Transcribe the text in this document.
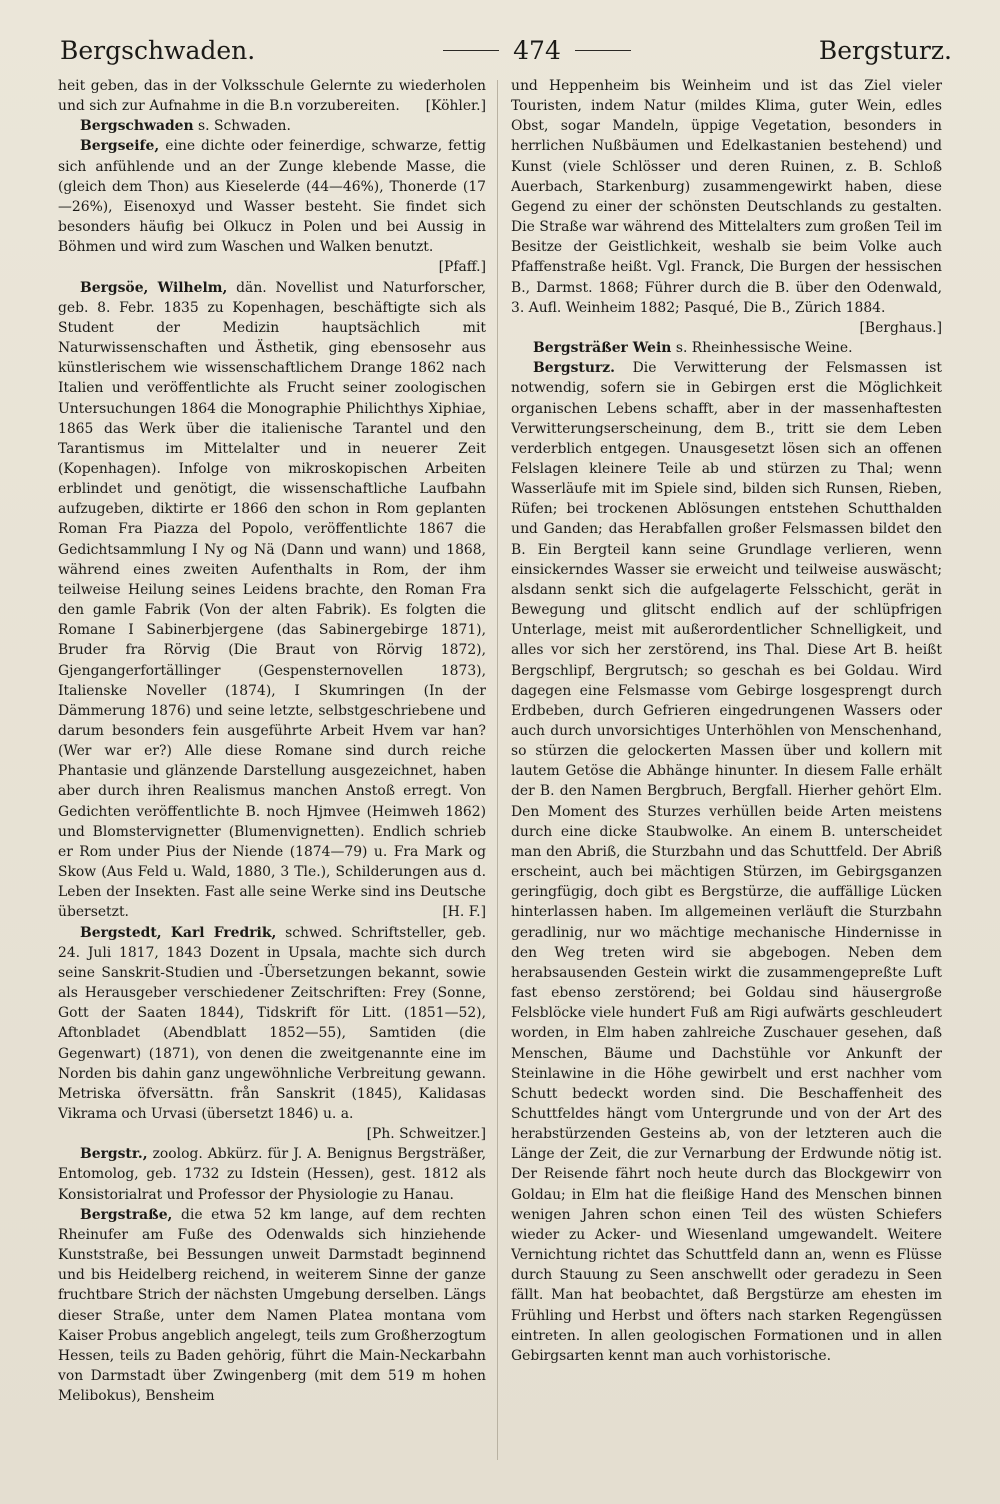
Bergschwaden.	474	Bergsturz.

heit geben, das in der Volksschule Gelernte zu wiederholen und sich zur Aufnahme in die B.n vorzubereiten. [Köhler.]

Bergschwaden s. Schwaden.

Bergseife, eine dichte oder feinerdige, schwarze, fettig sich anfühlende und an der Zunge klebende Masse, die (gleich dem Thon) aus Kieselerde (44—46%), Thonerde (17—26%), Eisenoxyd und Wasser besteht. Sie findet sich besonders häufig bei Olkucz in Polen und bei Aussig in Böhmen und wird zum Waschen und Walken benutzt.
[Pfaff.]

Bergsöe, Wilhelm, dän. Novellist und Naturforscher, geb. 8. Febr. 1835 zu Kopenhagen, beschäftigte sich als Student der Medizin hauptsächlich mit Naturwissenschaften und Ästhetik, ging ebensosehr aus künstlerischem wie wissenschaftlichem Drange 1862 nach Italien und veröffentlichte als Frucht seiner zoologischen Untersuchungen 1864 die Monographie Philichthys Xiphiae, 1865 das Werk über die italienische Tarantel und den Tarantismus im Mittelalter und in neuerer Zeit (Kopenhagen). Infolge von mikroskopischen Arbeiten erblindet und genötigt, die wissenschaftliche Laufbahn aufzugeben, diktirte er 1866 den schon in Rom geplanten Roman Fra Piazza del Popolo, veröffentlichte 1867 die Gedichtsammlung I Ny og Nä (Dann und wann) und 1868, während eines zweiten Aufenthalts in Rom, der ihm teilweise Heilung seines Leidens brachte, den Roman Fra den gamle Fabrik (Von der alten Fabrik). Es folgten die Romane I Sabinerbjergene (das Sabinergebirge 1871), Bruder fra Rörvig (Die Braut von Rörvig 1872), Gjengangerfortällinger (Gespensternovellen 1873), Italienske Noveller (1874), I Skumringen (In der Dämmerung 1876) und seine letzte, selbstgeschriebene und darum besonders fein ausgeführte Arbeit Hvem var han? (Wer war er?) Alle diese Romane sind durch reiche Phantasie und glänzende Darstellung ausgezeichnet, haben aber durch ihren Realismus manchen Anstoß erregt. Von Gedichten veröffentlichte B. noch Hjmvee (Heimweh 1862) und Blomstervignetter (Blumenvignetten). Endlich schrieb er Rom under Pius der Niende (1874—79) u. Fra Mark og Skow (Aus Feld u. Wald, 1880, 3 Tle.), Schilderungen aus d. Leben der Insekten. Fast alle seine Werke sind ins Deutsche übersetzt.	[H. F.]

Bergstedt, Karl Fredrik, schwed. Schriftsteller, geb. 24. Juli 1817, 1843 Dozent in Upsala, machte sich durch seine Sanskrit-Studien und -Übersetzungen bekannt, sowie als Herausgeber verschiedener Zeitschriften: Frey (Sonne, Gott der Saaten 1844), Tidskrift för Litt. (1851—52), Aftonbladet (Abendblatt 1852—55), Samtiden (die Gegenwart) (1871), von denen die zweitgenannte eine im Norden bis dahin ganz ungewöhnliche Verbreitung gewann. Metriska öfversättn. från Sanskrit (1845), Kalidasas Vikrama och Urvasi (übersetzt 1846) u. a.
[Ph. Schweitzer.]

Bergstr., zoolog. Abkürz. für J. A. Benignus Bergsträßer, Entomolog, geb. 1732 zu Idstein (Hessen), gest. 1812 als Konsistorialrat und Professor der Physiologie zu Hanau.

Bergstraße, die etwa 52 km lange, auf dem rechten Rheinufer am Fuße des Odenwalds sich hinziehende Kunststraße, bei Bessungen unweit Darmstadt beginnend und bis Heidelberg reichend, in weiterem Sinne der ganze fruchtbare Strich der nächsten Umgebung derselben. Längs dieser Straße, unter dem Namen Platea montana vom Kaiser Probus angeblich angelegt, teils zum Großherzogtum Hessen, teils zu Baden gehörig, führt die Main-Neckarbahn von Darmstadt über Zwingenberg (mit dem 519 m hohen Melibokus), Bensheim

und Heppenheim bis Weinheim und ist das Ziel vieler Touristen, indem Natur (mildes Klima, guter Wein, edles Obst, sogar Mandeln, üppige Vegetation, besonders in herrlichen Nußbäumen und Edelkastanien bestehend) und Kunst (viele Schlösser und deren Ruinen, z. B. Schloß Auerbach, Starkenburg) zusammengewirkt haben, diese Gegend zu einer der schönsten Deutschlands zu gestalten. Die Straße war während des Mittelalters zum großen Teil im Besitze der Geistlichkeit, weshalb sie beim Volke auch Pfaffenstraße heißt. Vgl. Franck, Die Burgen der hessischen B., Darmst. 1868; Führer durch die B. über den Odenwald, 3. Aufl. Weinheim 1882; Pasqué, Die B., Zürich 1884.
[Berghaus.]

Bergsträßer Wein s. Rheinhessische Weine.

Bergsturz. Die Verwitterung der Felsmassen ist notwendig, sofern sie in Gebirgen erst die Möglichkeit organischen Lebens schafft, aber in der massenhaftesten Verwitterungserscheinung, dem B., tritt sie dem Leben verderblich entgegen. Unausgesetzt lösen sich an offenen Felslagen kleinere Teile ab und stürzen zu Thal; wenn Wasserläufe mit im Spiele sind, bilden sich Runsen, Rieben, Rüfen; bei trockenen Ablösungen entstehen Schutthalden und Ganden; das Herabfallen großer Felsmassen bildet den B. Ein Bergteil kann seine Grundlage verlieren, wenn einsickerndes Wasser sie erweicht und teilweise auswäscht; alsdann senkt sich die aufgelagerte Felsschicht, gerät in Bewegung und glitscht endlich auf der schlüpfrigen Unterlage, meist mit außerordentlicher Schnelligkeit, und alles vor sich her zerstörend, ins Thal. Diese Art B. heißt Bergschlipf, Bergrutsch; so geschah es bei Goldau. Wird dagegen eine Felsmasse vom Gebirge losgesprengt durch Erdbeben, durch Gefrieren eingedrungenen Wassers oder auch durch unvorsichtiges Unterhöhlen von Menschenhand, so stürzen die gelockerten Massen über und kollern mit lautem Getöse die Abhänge hinunter. In diesem Falle erhält der B. den Namen Bergbruch, Bergfall. Hierher gehört Elm. Den Moment des Sturzes verhüllen beide Arten meistens durch eine dicke Staubwolke. An einem B. unterscheidet man den Abriß, die Sturzbahn und das Schuttfeld. Der Abriß erscheint, auch bei mächtigen Stürzen, im Gebirgsganzen geringfügig, doch gibt es Bergstürze, die auffällige Lücken hinterlassen haben. Im allgemeinen verläuft die Sturzbahn geradlinig, nur wo mächtige mechanische Hindernisse in den Weg treten wird sie abgebogen. Neben dem herabsausenden Gestein wirkt die zusammengepreßte Luft fast ebenso zerstörend; bei Goldau sind häusergroße Felsblöcke viele hundert Fuß am Rigi aufwärts geschleudert worden, in Elm haben zahlreiche Zuschauer gesehen, daß Menschen, Bäume und Dachstühle vor Ankunft der Steinlawine in die Höhe gewirbelt und erst nachher vom Schutt bedeckt worden sind. Die Beschaffenheit des Schuttfeldes hängt vom Untergrunde und von der Art des herabstürzenden Gesteins ab, von der letzteren auch die Länge der Zeit, die zur Vernarbung der Erdwunde nötig ist. Der Reisende fährt noch heute durch das Blockgewirr von Goldau; in Elm hat die fleißige Hand des Menschen binnen wenigen Jahren schon einen Teil des wüsten Schiefers wieder zu Acker- und Wiesenland umgewandelt. Weitere Vernichtung richtet das Schuttfeld dann an, wenn es Flüsse durch Stauung zu Seen anschwellt oder geradezu in Seen fällt. Man hat beobachtet, daß Bergstürze am ehesten im Frühling und Herbst und öfters nach starken Regengüssen eintreten. In allen geologischen Formationen und in allen Gebirgsarten kennt man auch vorhistorische.
